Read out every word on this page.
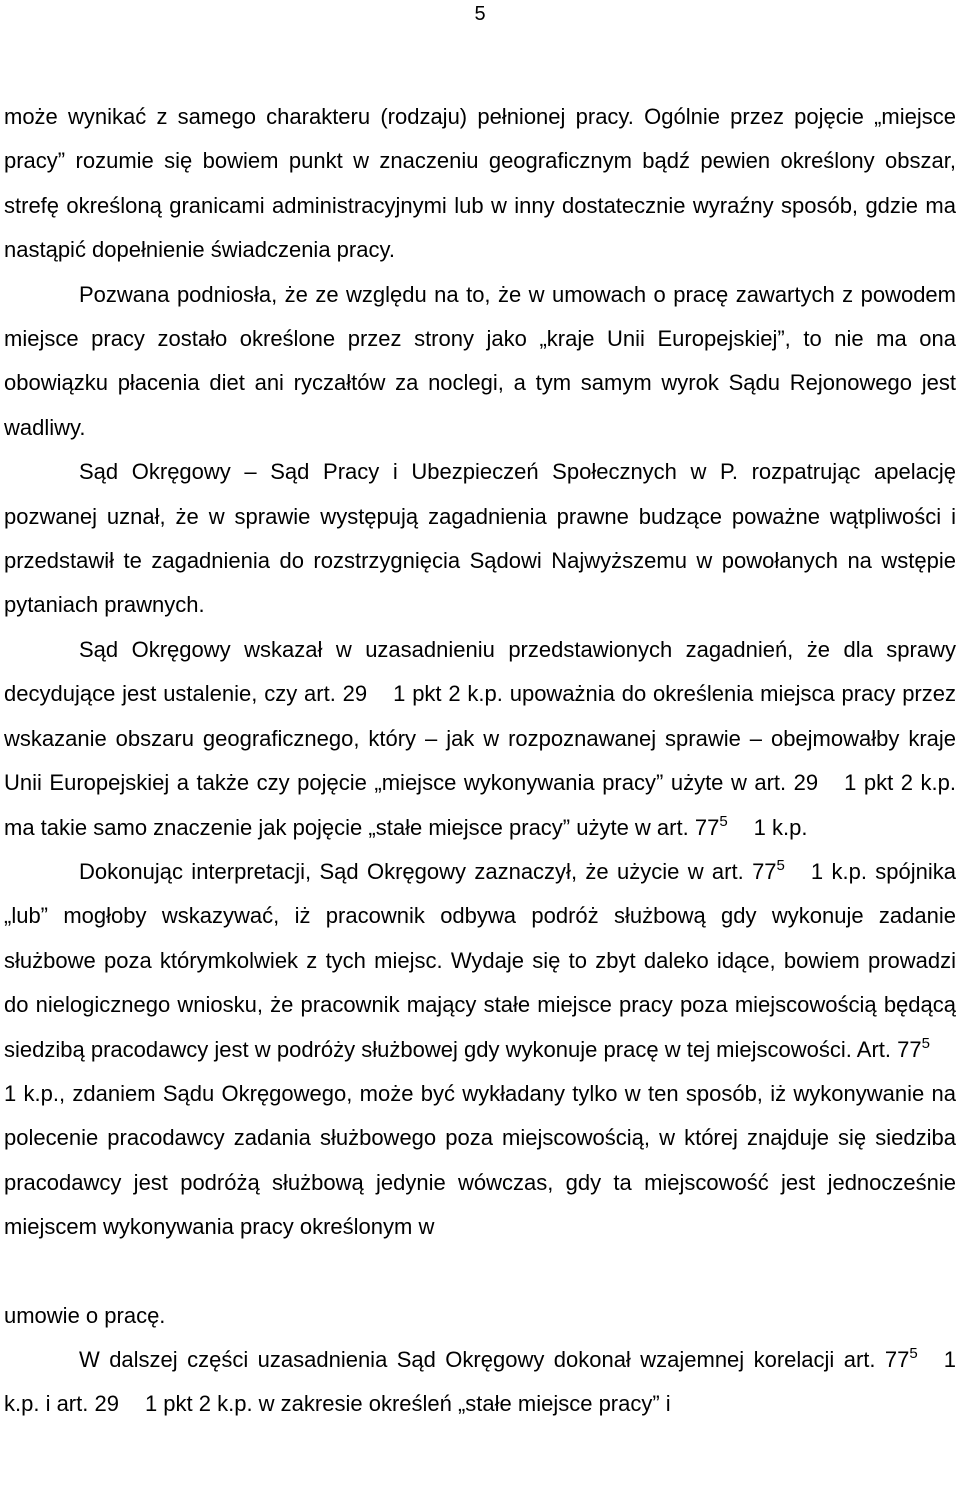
5

może wynikać z samego charakteru (rodzaju) pełnionej pracy. Ogólnie przez pojęcie „miejsce pracy” rozumie się bowiem punkt w znaczeniu geograficznym bądź pewien określony obszar, strefę określoną granicami administracyjnymi lub w inny dostatecznie wyraźny sposób, gdzie ma nastąpić dopełnienie świadczenia pracy.

Pozwana podniosła, że ze względu na to, że w umowach o pracę zawartych z powodem miejsce pracy zostało określone przez strony jako „kraje Unii Europejskiej”, to nie ma ona obowiązku płacenia diet ani ryczałtów za noclegi, a tym samym wyrok Sądu Rejonowego jest wadliwy.

Sąd Okręgowy – Sąd Pracy i Ubezpieczeń Społecznych w P. rozpatrując apelację pozwanej uznał, że w sprawie występują zagadnienia prawne budzące poważne wątpliwości i przedstawił te zagadnienia do rozstrzygnięcia Sądowi Najwyższemu w powołanych na wstępie pytaniach prawnych.

Sąd Okręgowy wskazał w uzasadnieniu przedstawionych zagadnień, że dla sprawy decydujące jest ustalenie, czy art. 29 1 pkt 2 k.p. upoważnia do określenia miejsca pracy przez wskazanie obszaru geograficznego, który – jak w rozpoznawanej sprawie – obejmowałby kraje Unii Europejskiej a także czy pojęcie „miejsce wykonywania pracy” użyte w art. 29 1 pkt 2 k.p. ma takie samo znaczenie jak pojęcie „stałe miejsce pracy” użyte w art. $77^5$ 1 k.p.

Dokonując interpretacji, Sąd Okręgowy zaznaczył, że użycie w art. $77^5$ 1 k.p. spójnika „lub” mogłoby wskazywać, iż pracownik odbywa podróż służbową gdy wykonuje zadanie służbowe poza którymkolwiek z tych miejsc. Wydaje się to zbyt daleko idące, bowiem prowadzi do nielogicznego wniosku, że pracownik mający stałe miejsce pracy poza miejscowością będącą siedzibą pracodawcy jest w podróży służbowej gdy wykonuje pracę w tej miejscowości. Art. $77^51$ k.p., zdaniem Sądu Okręgowego, może być wykładany tylko w ten sposób, iż wykonywanie na polecenie pracodawcy zadania służbowego poza miejscowością, w której znajduje się siedziba pracodawcy jest podróżą służbową jedynie wówczas, gdy ta miejscowość jest jednocześnie miejscem wykonywania pracy określonym w

umowie o pracę.

W dalszej części uzasadnienia Sąd Okręgowy dokonał wzajemnej korelacji art. $77^5$ 1 k.p. i art. 29 1 pkt 2 k.p. w zakresie określeń „stałe miejsce pracy” i
